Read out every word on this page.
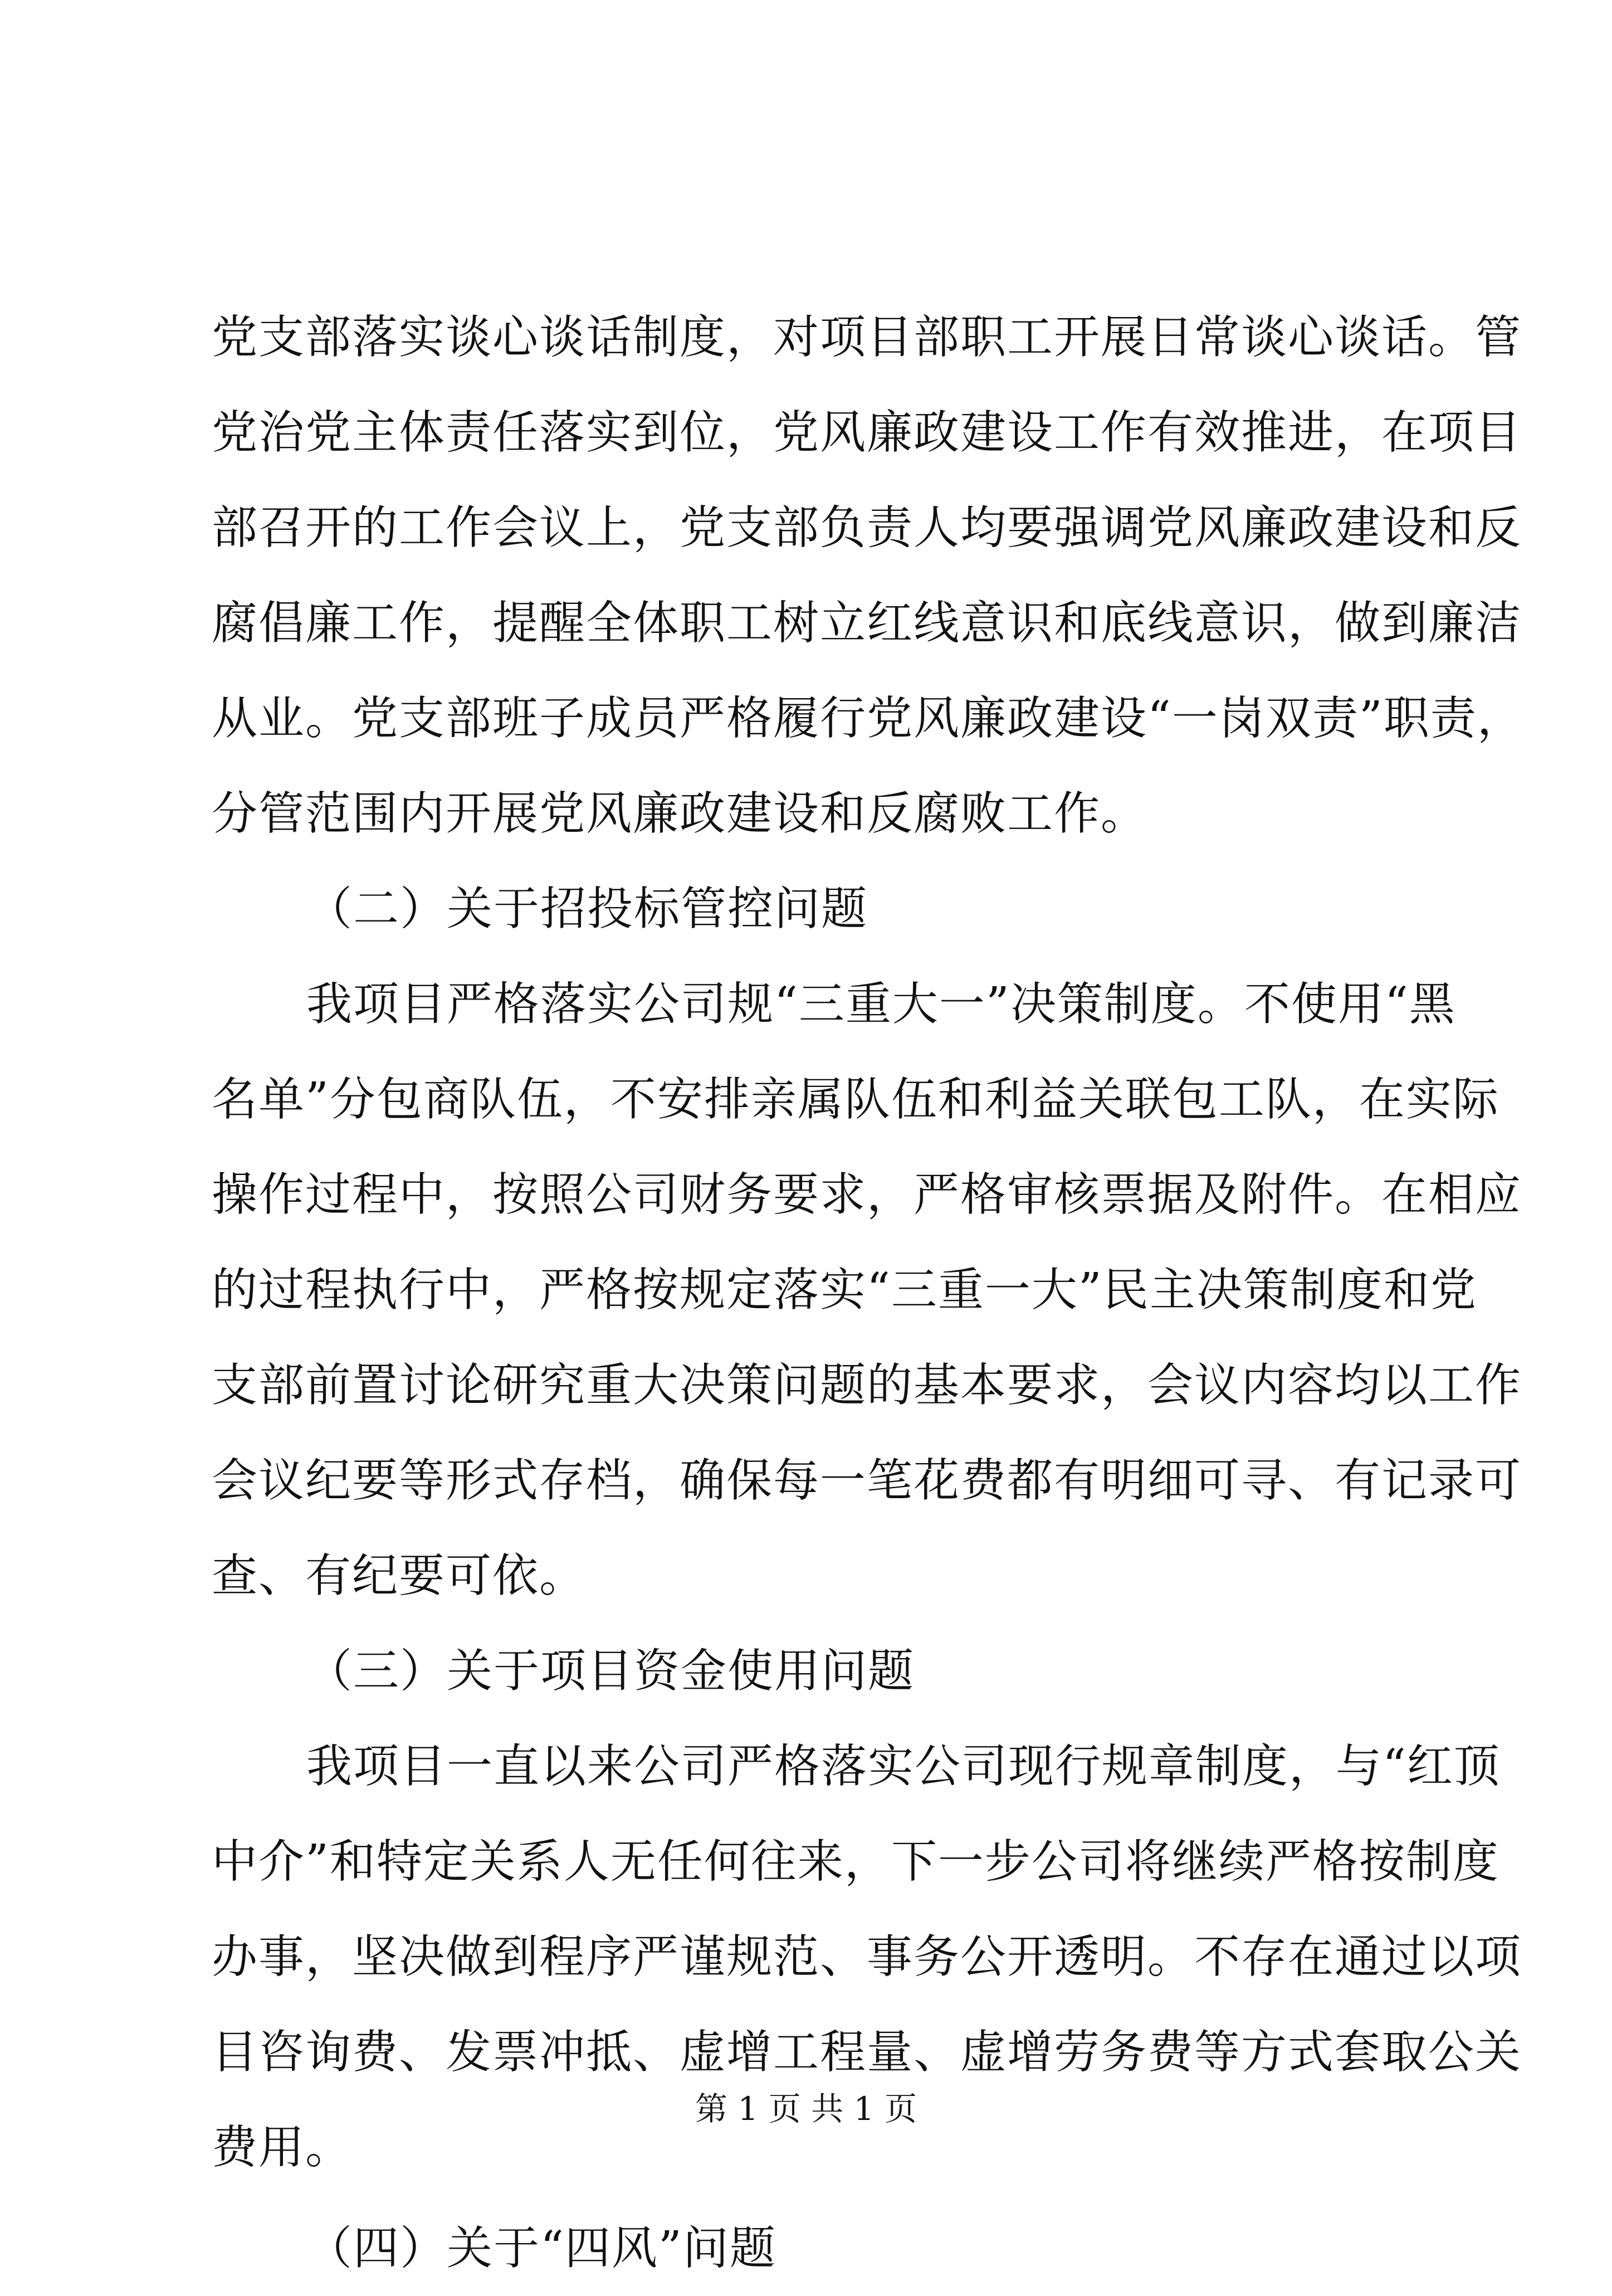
党支部落实谈心谈话制度，对项目部职工开展日常谈心谈话。管
党治党主体责任落实到位，党风廉政建设工作有效推进，在项目
部召开的工作会议上，党支部负责人均要强调党风廉政建设和反
腐倡廉工作，提醒全体职工树立红线意识和底线意识，做到廉洁
从业。党支部班子成员严格履行党风廉政建设“一岗双责”职责，
分管范围内开展党风廉政建设和反腐败工作。
（二）关于招投标管控问题
我项目严格落实公司规“三重大一”决策制度。不使用“黑
名单”分包商队伍，不安排亲属队伍和利益关联包工队，在实际
操作过程中，按照公司财务要求，严格审核票据及附件。在相应
的过程执行中，严格按规定落实“三重一大”民主决策制度和党
支部前置讨论研究重大决策问题的基本要求，会议内容均以工作
会议纪要等形式存档，确保每一笔花费都有明细可寻、有记录可
查、有纪要可依。
（三）关于项目资金使用问题
我项目一直以来公司严格落实公司现行规章制度，与“红顶
中介”和特定关系人无任何往来，下一步公司将继续严格按制度
办事，坚决做到程序严谨规范、事务公开透明。不存在通过以项
目咨询费、发票冲抵、虚增工程量、虚增劳务费等方式套取公关
费用。
（四）关于“四风”问题
第 1 页 共 1 页
